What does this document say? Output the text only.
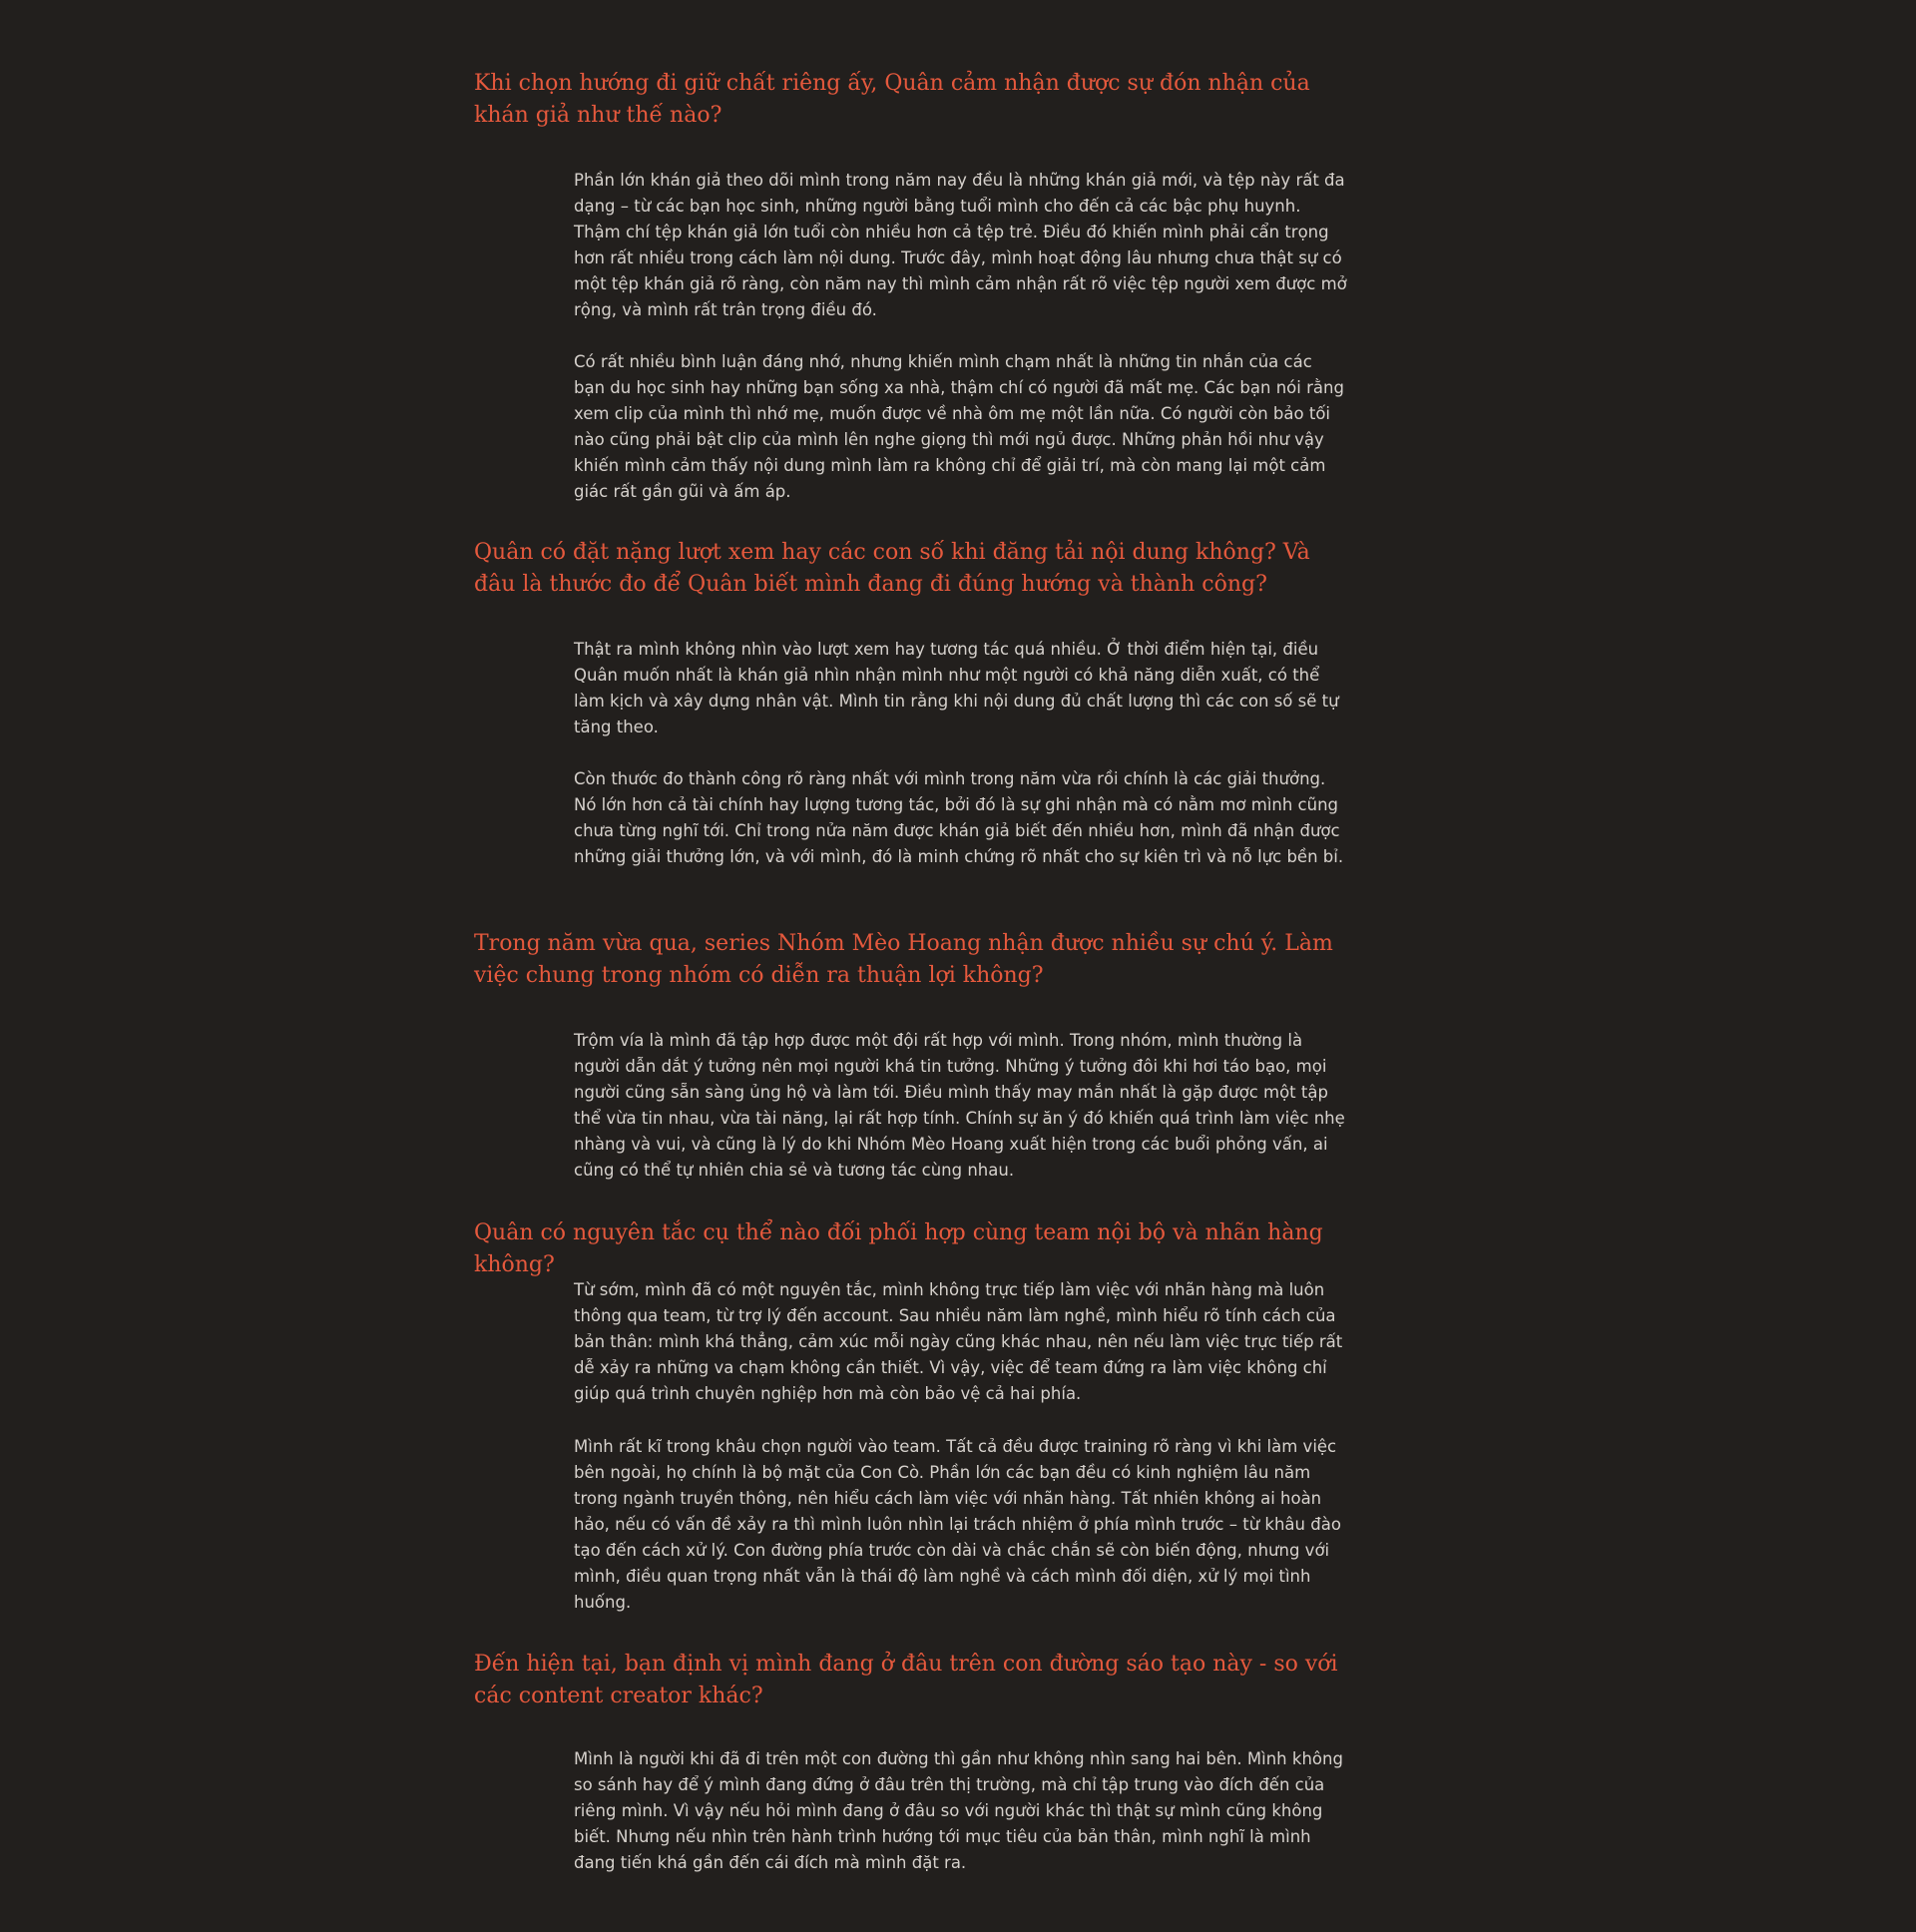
Khi chọn hướng đi giữ chất riêng ấy, Quân cảm nhận được sự đón nhận của khán giả như thế nào?

Phần lớn khán giả theo dõi mình trong năm nay đều là những khán giả mới, và tệp này rất đa dạng – từ các bạn học sinh, những người bằng tuổi mình cho đến cả các bậc phụ huynh. Thậm chí tệp khán giả lớn tuổi còn nhiều hơn cả tệp trẻ. Điều đó khiến mình phải cẩn trọng hơn rất nhiều trong cách làm nội dung. Trước đây, mình hoạt động lâu nhưng chưa thật sự có một tệp khán giả rõ ràng, còn năm nay thì mình cảm nhận rất rõ việc tệp người xem được mở rộng, và mình rất trân trọng điều đó.

Có rất nhiều bình luận đáng nhớ, nhưng khiến mình chạm nhất là những tin nhắn của các bạn du học sinh hay những bạn sống xa nhà, thậm chí có người đã mất mẹ. Các bạn nói rằng xem clip của mình thì nhớ mẹ, muốn được về nhà ôm mẹ một lần nữa. Có người còn bảo tối nào cũng phải bật clip của mình lên nghe giọng thì mới ngủ được. Những phản hồi như vậy khiến mình cảm thấy nội dung mình làm ra không chỉ để giải trí, mà còn mang lại một cảm giác rất gần gũi và ấm áp.

Quân có đặt nặng lượt xem hay các con số khi đăng tải nội dung không? Và đâu là thước đo để Quân biết mình đang đi đúng hướng và thành công?

Thật ra mình không nhìn vào lượt xem hay tương tác quá nhiều. Ở thời điểm hiện tại, điều Quân muốn nhất là khán giả nhìn nhận mình như một người có khả năng diễn xuất, có thể làm kịch và xây dựng nhân vật. Mình tin rằng khi nội dung đủ chất lượng thì các con số sẽ tự tăng theo.

Còn thước đo thành công rõ ràng nhất với mình trong năm vừa rồi chính là các giải thưởng. Nó lớn hơn cả tài chính hay lượng tương tác, bởi đó là sự ghi nhận mà có nằm mơ mình cũng chưa từng nghĩ tới. Chỉ trong nửa năm được khán giả biết đến nhiều hơn, mình đã nhận được những giải thưởng lớn, và với mình, đó là minh chứng rõ nhất cho sự kiên trì và nỗ lực bền bỉ.

Trong năm vừa qua, series Nhóm Mèo Hoang nhận được nhiều sự chú ý. Làm việc chung trong nhóm có diễn ra thuận lợi không?

Trộm vía là mình đã tập hợp được một đội rất hợp với mình. Trong nhóm, mình thường là người dẫn dắt ý tưởng nên mọi người khá tin tưởng. Những ý tưởng đôi khi hơi táo bạo, mọi người cũng sẵn sàng ủng hộ và làm tới. Điều mình thấy may mắn nhất là gặp được một tập thể vừa tin nhau, vừa tài năng, lại rất hợp tính. Chính sự ăn ý đó khiến quá trình làm việc nhẹ nhàng và vui, và cũng là lý do khi Nhóm Mèo Hoang xuất hiện trong các buổi phỏng vấn, ai cũng có thể tự nhiên chia sẻ và tương tác cùng nhau.

Quân có nguyên tắc cụ thể nào đối phối hợp cùng team nội bộ và nhãn hàng không?

Từ sớm, mình đã có một nguyên tắc, mình không trực tiếp làm việc với nhãn hàng mà luôn thông qua team, từ trợ lý đến account. Sau nhiều năm làm nghề, mình hiểu rõ tính cách của bản thân: mình khá thẳng, cảm xúc mỗi ngày cũng khác nhau, nên nếu làm việc trực tiếp rất dễ xảy ra những va chạm không cần thiết. Vì vậy, việc để team đứng ra làm việc không chỉ giúp quá trình chuyên nghiệp hơn mà còn bảo vệ cả hai phía.

Mình rất kĩ trong khâu chọn người vào team. Tất cả đều được training rõ ràng vì khi làm việc bên ngoài, họ chính là bộ mặt của Con Cò. Phần lớn các bạn đều có kinh nghiệm lâu năm trong ngành truyền thông, nên hiểu cách làm việc với nhãn hàng. Tất nhiên không ai hoàn hảo, nếu có vấn đề xảy ra thì mình luôn nhìn lại trách nhiệm ở phía mình trước – từ khâu đào tạo đến cách xử lý. Con đường phía trước còn dài và chắc chắn sẽ còn biến động, nhưng với mình, điều quan trọng nhất vẫn là thái độ làm nghề và cách mình đối diện, xử lý mọi tình huống.

Đến hiện tại, bạn định vị mình đang ở đâu trên con đường sáo tạo này - so với các content creator khác?

Mình là người khi đã đi trên một con đường thì gần như không nhìn sang hai bên. Mình không so sánh hay để ý mình đang đứng ở đâu trên thị trường, mà chỉ tập trung vào đích đến của riêng mình. Vì vậy nếu hỏi mình đang ở đâu so với người khác thì thật sự mình cũng không biết. Nhưng nếu nhìn trên hành trình hướng tới mục tiêu của bản thân, mình nghĩ là mình đang tiến khá gần đến cái đích mà mình đặt ra.
